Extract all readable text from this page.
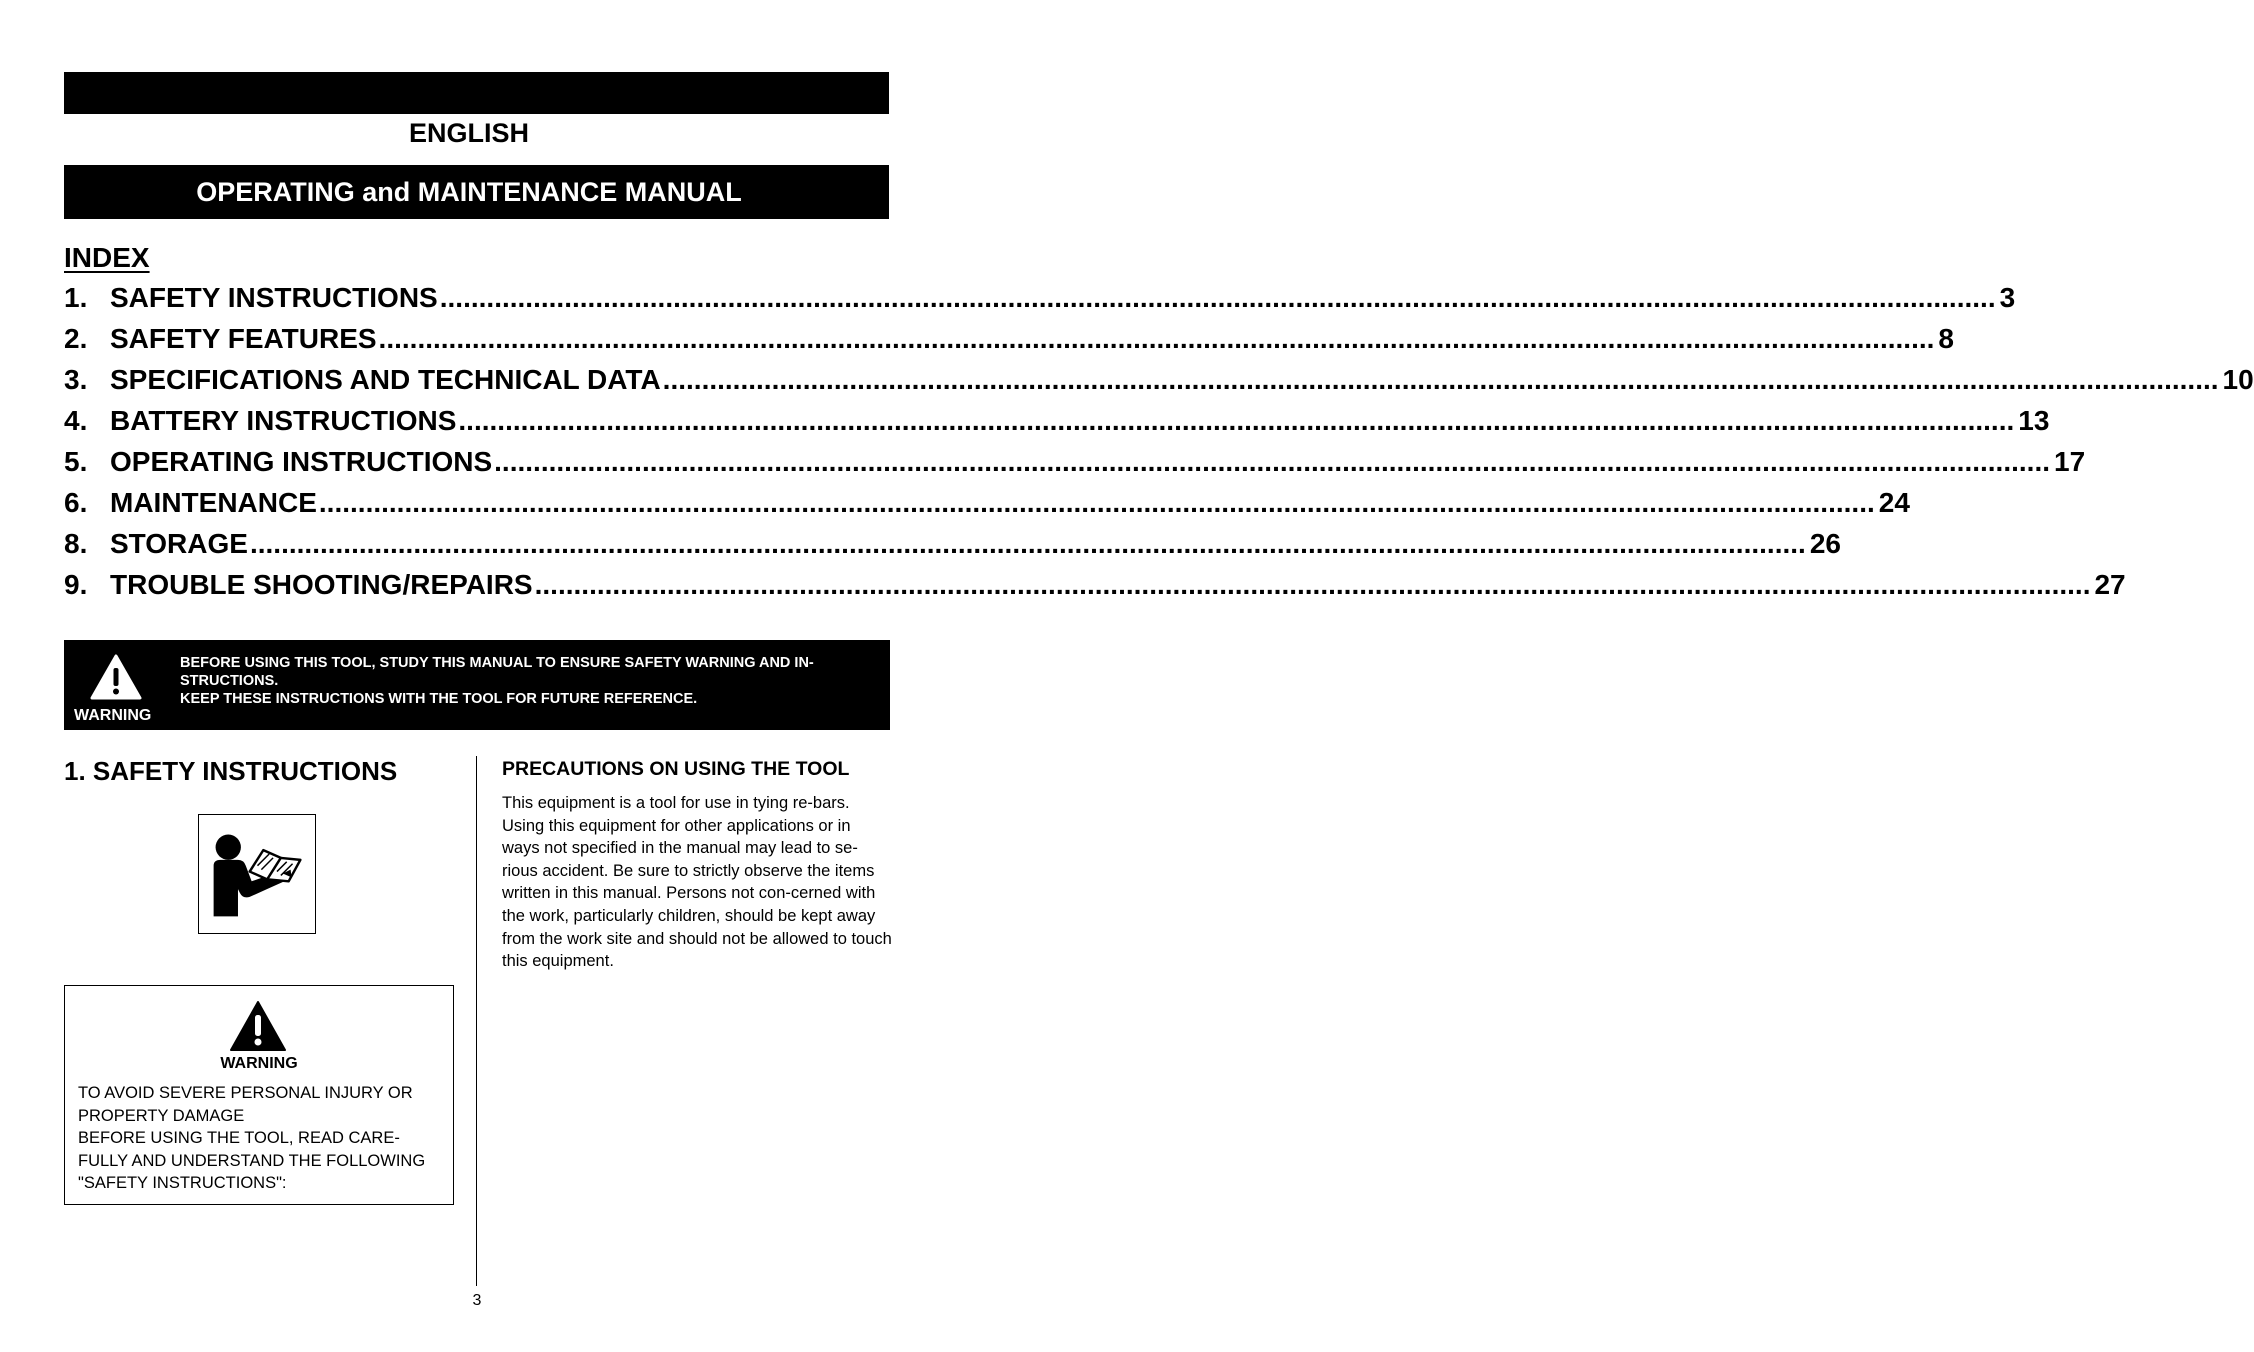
ENGLISH
OPERATING and MAINTENANCE MANUAL
INDEX
1. SAFETY INSTRUCTIONS ........................................................................................................................................................................................................ 3
2. SAFETY FEATURES ........................................................................................................................................................................................................ 8
3. SPECIFICATIONS AND TECHNICAL DATA ........................................................................................................................................................................................................ 10
4. BATTERY INSTRUCTIONS ........................................................................................................................................................................................................ 13
5. OPERATING INSTRUCTIONS ........................................................................................................................................................................................................ 17
6. MAINTENANCE ........................................................................................................................................................................................................ 24
8. STORAGE ........................................................................................................................................................................................................ 26
9. TROUBLE SHOOTING/REPAIRS ........................................................................................................................................................................................................ 27
WARNING
BEFORE USING THIS TOOL, STUDY THIS MANUAL TO ENSURE SAFETY WARNING AND IN-STRUCTIONS.
KEEP THESE INSTRUCTIONS WITH THE TOOL FOR FUTURE REFERENCE.
1. SAFETY INSTRUCTIONS
WARNING
TO AVOID SEVERE PERSONAL INJURY OR PROPERTY DAMAGE
BEFORE USING THE TOOL, READ CARE-FULLY AND UNDERSTAND THE FOLLOWING "SAFETY INSTRUCTIONS":
PRECAUTIONS ON USING THE TOOL
This equipment is a tool for use in tying re-bars. Using this equipment for other applications or in ways not specified in the manual may lead to se-rious accident. Be sure to strictly observe the items written in this manual. Persons not con-cerned with the work, particularly children, should be kept away from the work site and should not be allowed to touch this equipment.
3
